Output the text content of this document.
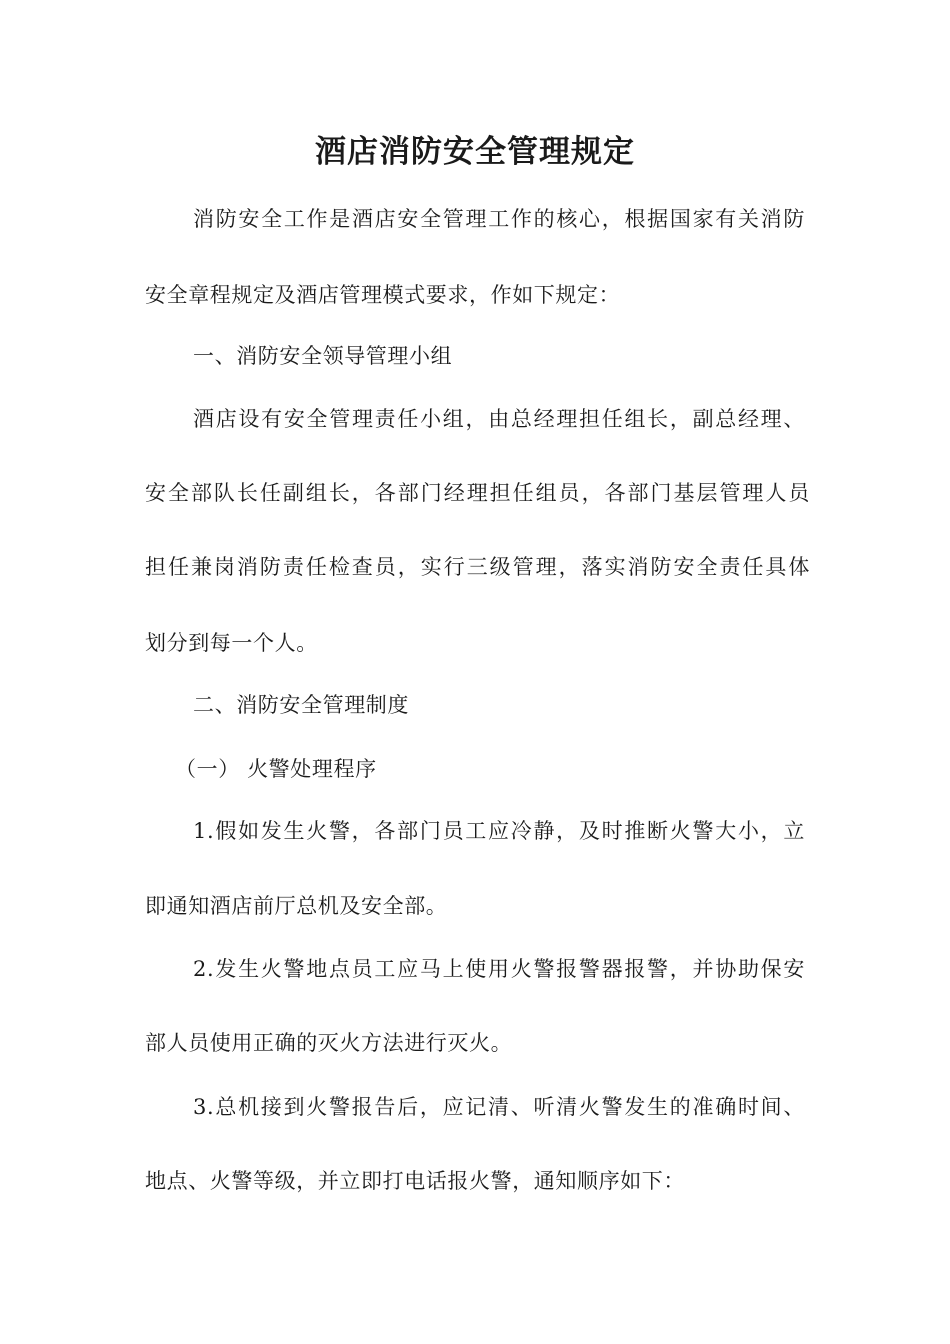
酒店消防安全管理规定

消防安全工作是酒店安全管理工作的核心，根据国家有关消防

安全章程规定及酒店管理模式要求，作如下规定：

一、消防安全领导管理小组

酒店设有安全管理责任小组，由总经理担任组长，副总经理、

安全部队长任副组长，各部门经理担任组员，各部门基层管理人员

担任兼岗消防责任检查员，实行三级管理，落实消防安全责任具体

划分到每一个人。

二、消防安全管理制度

（一） 火警处理程序

1.假如发生火警，各部门员工应冷静，及时推断火警大小，立

即通知酒店前厅总机及安全部。

2.发生火警地点员工应马上使用火警报警器报警，并协助保安

部人员使用正确的灭火方法进行灭火。

3.总机接到火警报告后，应记清、听清火警发生的准确时间、

地点、火警等级，并立即打电话报火警，通知顺序如下：
